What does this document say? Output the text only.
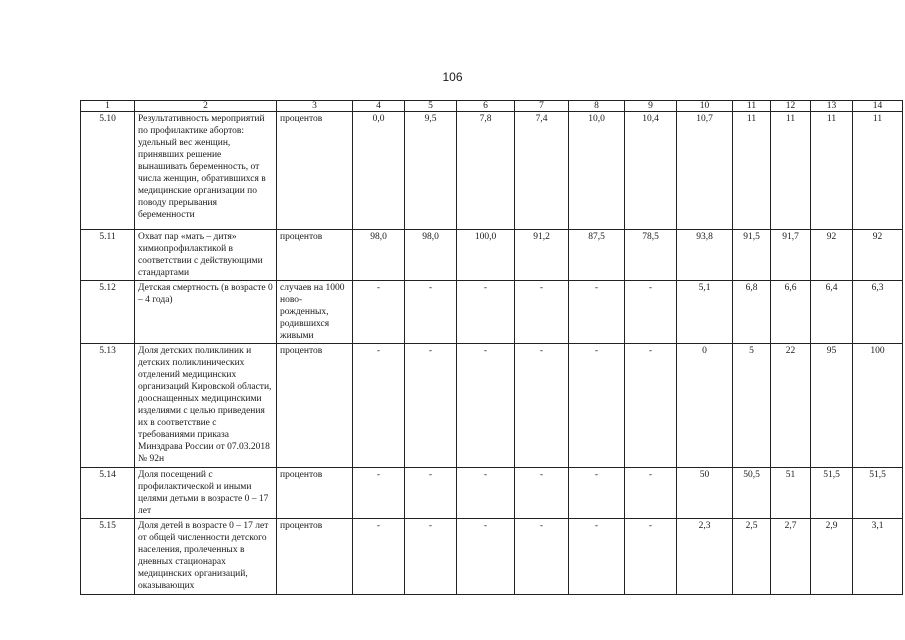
106
1	2	3	4	5	6	7	8	9	10	11	12	13	14
5.10	Результативность мероприятий по профилактике абортов: удельный вес женщин, принявших решение вынашивать беременность, от числа женщин, обратившихся в медицинские организации по поводу прерывания беременности	процентов	0,0	9,5	7,8	7,4	10,0	10,4	10,7	11	11	11	11
5.11	Охват пар «мать – дитя» химиопрофилактикой в соответствии с действующими стандартами	процентов	98,0	98,0	100,0	91,2	87,5	78,5	93,8	91,5	91,7	92	92
5.12	Детская смертность (в возрасте 0 – 4 года)	случаев на 1000 ново-рожденных, родившихся живыми	-	-	-	-	-	-	5,1	6,8	6,6	6,4	6,3
5.13	Доля детских поликлиник и детских поликлинических отделений медицинских организаций Кировской области, дооснащенных медицинскими изделиями с целью приведения их в соответствие с требованиями приказа Минздрава России от 07.03.2018 № 92н	процентов	-	-	-	-	-	-	0	5	22	95	100
5.14	Доля посещений с профилактической и иными целями детьми в возрасте 0 – 17 лет	процентов	-	-	-	-	-	-	50	50,5	51	51,5	51,5
5.15	Доля детей в возрасте 0 – 17 лет от общей численности детского населения, пролеченных в дневных стационарах медицинских организаций, оказывающих	процентов	-	-	-	-	-	-	2,3	2,5	2,7	2,9	3,1
